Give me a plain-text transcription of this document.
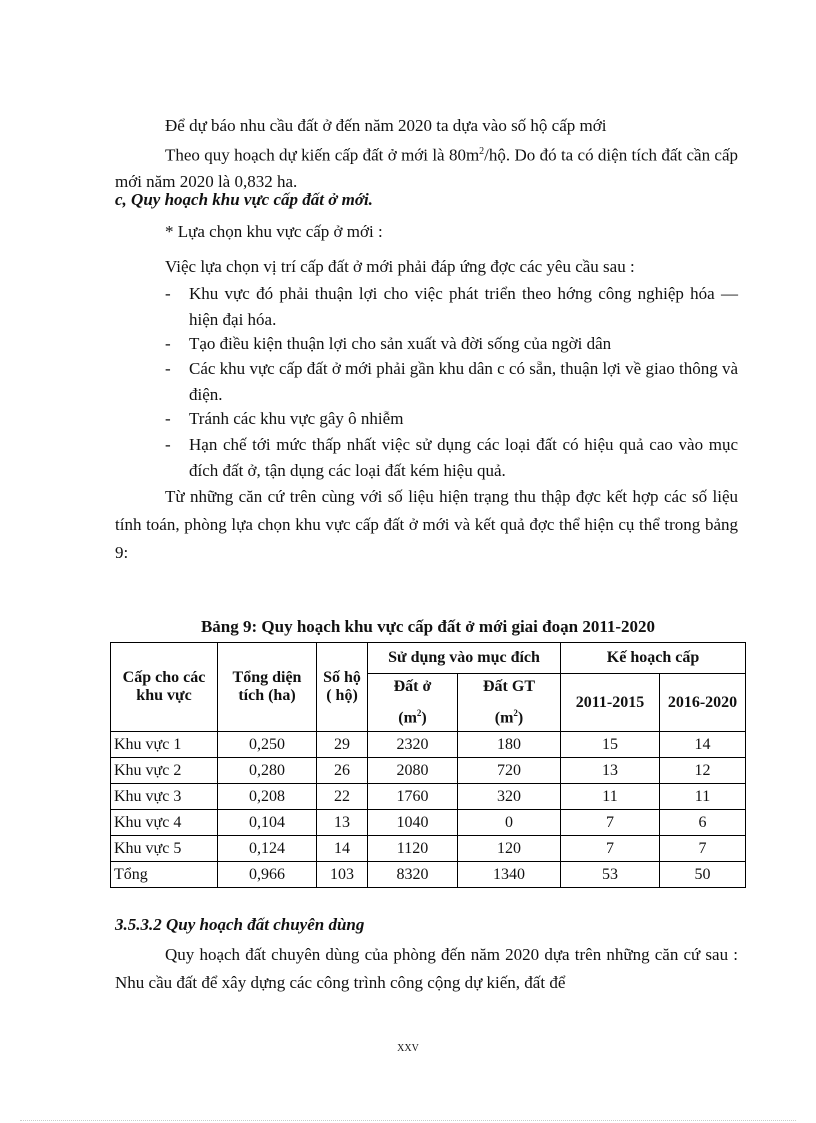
Để dự báo nhu cầu đất ở đến năm 2020 ta dựa vào số hộ cấp mới

Theo quy hoạch dự kiến cấp đất ở mới là $80m^2/hộ$. Do đó ta có diện tích đất cần cấp mới năm 2020 là 0,832 ha.

c, Quy hoạch khu vực cấp đất ở mới.

* Lựa chọn khu vực cấp ở mới :

Việc lựa chọn vị trí cấp đất ở mới phải đáp ứng đợc các yêu cầu sau :

- Khu vực đó phải thuận lợi cho việc phát triển theo hớng công nghiệp hóa — hiện đại hóa.
- Tạo điều kiện thuận lợi cho sản xuất và đời sống của ngời dân
- Các khu vực cấp đất ở mới phải gần khu dân c có sẵn, thuận lợi về giao thông và điện.
- Tránh các khu vực gây ô nhiễm
- Hạn chế tới mức thấp nhất việc sử dụng các loại đất có hiệu quả cao vào mục đích đất ở, tận dụng các loại đất kém hiệu quả.

Từ những căn cứ trên cùng với số liệu hiện trạng thu thập đợc kết hợp các số liệu tính toán, phòng lựa chọn khu vực cấp đất ở mới và kết quả đợc thể hiện cụ thể trong bảng 9:

Bảng 9: Quy hoạch khu vực cấp đất ở mới giai đoạn 2011-2020
Cấp cho các khu vực	Tổng diện tích (ha)	Số hộ ( hộ)	Sử dụng vào mục đích		Kế hoạch cấp	
			Đất ở
$(m^2)$	Đất GT
$(m^2)$	2011-2015	2016-2020
Khu vực 1	0,250	29	2320	180	15	14
Khu vực 2	0,280	26	2080	720	13	12
Khu vực 3	0,208	22	1760	320	11	11
Khu vực 4	0,104	13	1040	0	7	6
Khu vực 5	0,124	14	1120	120	7	7
Tổng	0,966	103	8320	1340	53	50

3.5.3.2 Quy hoạch đất chuyên dùng

Quy hoạch đất chuyên dùng của phòng đến năm 2020 dựa trên những căn cứ sau : Nhu cầu đất để xây dựng các công trình công cộng dự kiến, đất để

XXV
